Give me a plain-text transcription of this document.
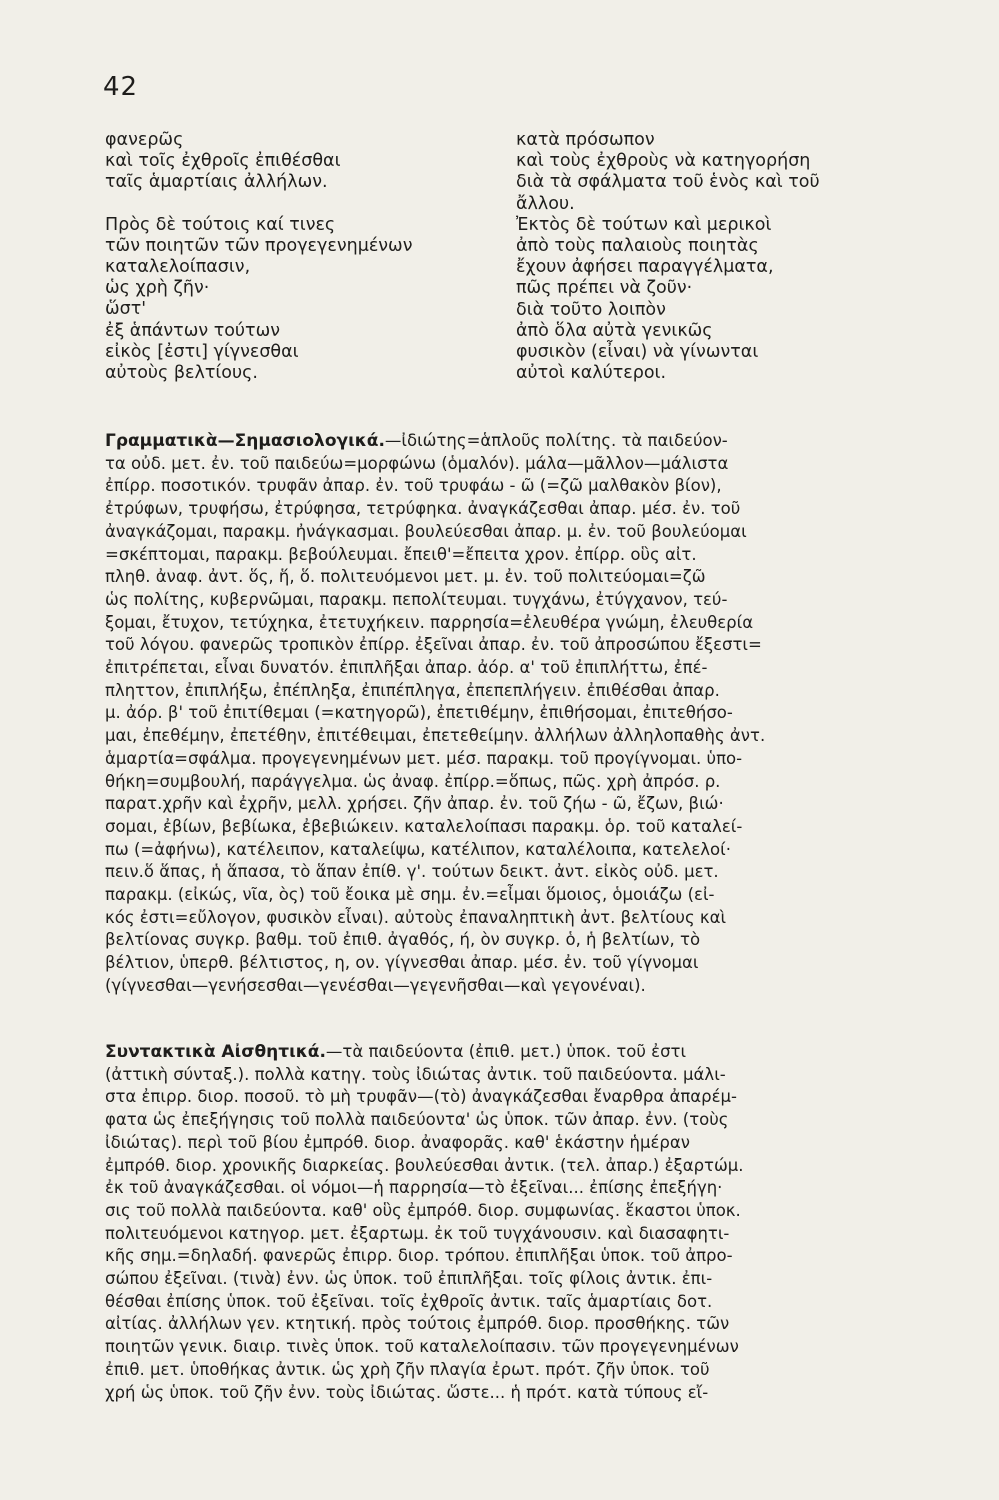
42
φανερῶς
καὶ τοῖς ἐχθροῖς ἐπιθέσθαι
ταῖς ἁμαρτίαις ἀλλήλων.
Πρὸς δὲ τούτοις καί τινες
τῶν ποιητῶν τῶν προγεγενημένων
καταλελοίπασιν,
ὡς χρὴ ζῆν·
ὥστ'
ἐξ ἁπάντων τούτων
εἰκὸς [ἐστι] γίγνεσθαι
αὐτοὺς βελτίους.
κατὰ πρόσωπον
καὶ τοὺς ἐχθροὺς νὰ κατηγορήση
διὰ τὰ σφάλματα τοῦ ἑνὸς καὶ τοῦ
ἄλλου.
Ἐκτὸς δὲ τούτων καὶ μερικοὶ
ἀπὸ τοὺς παλαιοὺς ποιητὰς
ἔχουν ἀφήσει παραγγέλματα,
πῶς πρέπει νὰ ζοῦν·
διὰ τοῦτο λοιπὸν
ἀπὸ ὅλα αὐτὰ γενικῶς
φυσικὸν (εἶναι) νὰ γίνωνται
αὐτοὶ καλύτεροι.
Γραμματικὰ—Σημασιολογικά.—ἰδιώτης=ἁπλοῦς πολίτης. τὰ παιδεύον-
τα οὐδ. μετ. ἐν. τοῦ παιδεύω=μορφώνω (ὁμαλόν). μάλα—μᾶλλον—μάλιστα
ἐπίρρ. ποσοτικόν. τρυφᾶν ἀπαρ. ἐν. τοῦ τρυφάω - ῶ (=ζῶ μαλθακὸν βίον),
ἐτρύφων, τρυφήσω, ἐτρύφησα, τετρύφηκα. ἀναγκάζεσθαι ἀπαρ. μέσ. ἐν. τοῦ
ἀναγκάζομαι, παρακμ. ἠνάγκασμαι. βουλεύεσθαι ἀπαρ. μ. ἐν. τοῦ βουλεύομαι
=σκέπτομαι, παρακμ. βεβούλευμαι. ἔπειθ'=ἔπειτα χρον. ἐπίρρ. οὓς αἰτ.
πληθ. ἀναφ. ἀντ. ὅς, ἥ, ὅ. πολιτευόμενοι μετ. μ. ἐν. τοῦ πολιτεύομαι=ζῶ
ὡς πολίτης, κυβερνῶμαι, παρακμ. πεπολίτευμαι. τυγχάνω, ἐτύγχανον, τεύ-
ξομαι, ἔτυχον, τετύχηκα, ἐτετυχήκειν. παρρησία=ἐλευθέρα γνώμη, ἐλευθερία
τοῦ λόγου. φανερῶς τροπικὸν ἐπίρρ. ἐξεῖναι ἀπαρ. ἐν. τοῦ ἀπροσώπου ἔξεστι=
ἐπιτρέπεται, εἶναι δυνατόν. ἐπιπλῆξαι ἀπαρ. ἀόρ. α' τοῦ ἐπιπλήττω, ἐπέ-
πληττον, ἐπιπλήξω, ἐπέπληξα, ἐπιπέπληγα, ἐπεπεπλήγειν. ἐπιθέσθαι ἀπαρ.
μ. ἀόρ. β' τοῦ ἐπιτίθεμαι (=κατηγορῶ), ἐπετιθέμην, ἐπιθήσομαι, ἐπιτεθήσο-
μαι, ἐπεθέμην, ἐπετέθην, ἐπιτέθειμαι, ἐπετεθείμην. ἀλλήλων ἀλληλοπαθὴς ἀντ.
ἁμαρτία=σφάλμα. προγεγενημένων μετ. μέσ. παρακμ. τοῦ προγίγνομαι. ὑπο-
θήκη=συμβουλή, παράγγελμα. ὡς ἀναφ. ἐπίρρ.=ὅπως, πῶς. χρὴ ἀπρόσ. ρ.
παρατ.χρῆν καὶ ἐχρῆν, μελλ. χρήσει. ζῆν ἀπαρ. ἐν. τοῦ ζήω - ῶ, ἔζων, βιώ·
σομαι, ἐβίων, βεβίωκα, ἐβεβιώκειν. καταλελοίπασι παρακμ. ὁρ. τοῦ καταλεί-
πω (=ἀφήνω), κατέλειπον, καταλείψω, κατέλιπον, καταλέλοιπα, κατελελοί·
πειν.ὅ ἅπας, ἡ ἅπασα, τὸ ἅπαν ἐπίθ. γ'. τούτων δεικτ. ἀντ. εἰκὸς οὐδ. μετ.
παρακμ. (εἰκώς, νῖα, ὸς) τοῦ ἔοικα μὲ σημ. ἐν.=εἶμαι ὅμοιος, ὁμοιάζω (εἰ-
κός ἐστι=εὔλογον, φυσικὸν εἶναι). αὐτοὺς ἐπαναληπτικὴ ἀντ. βελτίους καὶ
βελτίονας συγκρ. βαθμ. τοῦ ἐπιθ. ἀγαθός, ή, ὸν συγκρ. ὁ, ἡ βελτίων, τὸ
βέλτιον, ὑπερθ. βέλτιστος, η, ον. γίγνεσθαι ἀπαρ. μέσ. ἐν. τοῦ γίγνομαι
(γίγνεσθαι—γενήσεσθαι—γενέσθαι—γεγενῆσθαι—καὶ γεγονέναι).
Συντακτικὰ Αἰσθητικά.—τὰ παιδεύοντα (ἐπιθ. μετ.) ὑποκ. τοῦ ἐστι
(ἀττικὴ σύνταξ.). πολλὰ κατηγ. τοὺς ἰδιώτας ἀντικ. τοῦ παιδεύοντα. μάλι-
στα ἐπιρρ. διορ. ποσοῦ. τὸ μὴ τρυφᾶν—(τὸ) ἀναγκάζεσθαι ἔναρθρα ἀπαρέμ-
φατα ὡς ἐπεξήγησις τοῦ πολλὰ παιδεύοντα' ὡς ὑποκ. τῶν ἀπαρ. ἐνν. (τοὺς
ἰδιώτας). περὶ τοῦ βίου ἐμπρόθ. διορ. ἀναφορᾶς. καθ' ἑκάστην ἡμέραν
ἐμπρόθ. διορ. χρονικῆς διαρκείας. βουλεύεσθαι ἀντικ. (τελ. ἀπαρ.) ἐξαρτώμ.
ἐκ τοῦ ἀναγκάζεσθαι. οἱ νόμοι—ἡ παρρησία—τὸ ἐξεῖναι... ἐπίσης ἐπεξήγη·
σις τοῦ πολλὰ παιδεύοντα. καθ' οὓς ἐμπρόθ. διορ. συμφωνίας. ἕκαστοι ὑποκ.
πολιτευόμενοι κατηγορ. μετ. ἐξαρτωμ. ἐκ τοῦ τυγχάνουσιν. καὶ διασαφητι-
κῆς σημ.=δηλαδή. φανερῶς ἐπιρρ. διορ. τρόπου. ἐπιπλῆξαι ὑποκ. τοῦ ἀπρο-
σώπου ἐξεῖναι. (τινὰ) ἐνν. ὡς ὑποκ. τοῦ ἐπιπλῆξαι. τοῖς φίλοις ἀντικ. ἐπι-
θέσθαι ἐπίσης ὑποκ. τοῦ ἐξεῖναι. τοῖς ἐχθροῖς ἀντικ. ταῖς ἁμαρτίαις δοτ.
αἰτίας. ἀλλήλων γεν. κτητική. πρὸς τούτοις ἐμπρόθ. διορ. προσθήκης. τῶν
ποιητῶν γενικ. διαιρ. τινὲς ὑποκ. τοῦ καταλελοίπασιν. τῶν προγεγενημένων
ἐπιθ. μετ. ὑποθήκας ἀντικ. ὡς χρὴ ζῆν πλαγία ἐρωτ. πρότ. ζῆν ὑποκ. τοῦ
χρή ὡς ὑποκ. τοῦ ζῆν ἐνν. τοὺς ἰδιώτας. ὥστε... ἡ πρότ. κατὰ τύπους εἴ-
